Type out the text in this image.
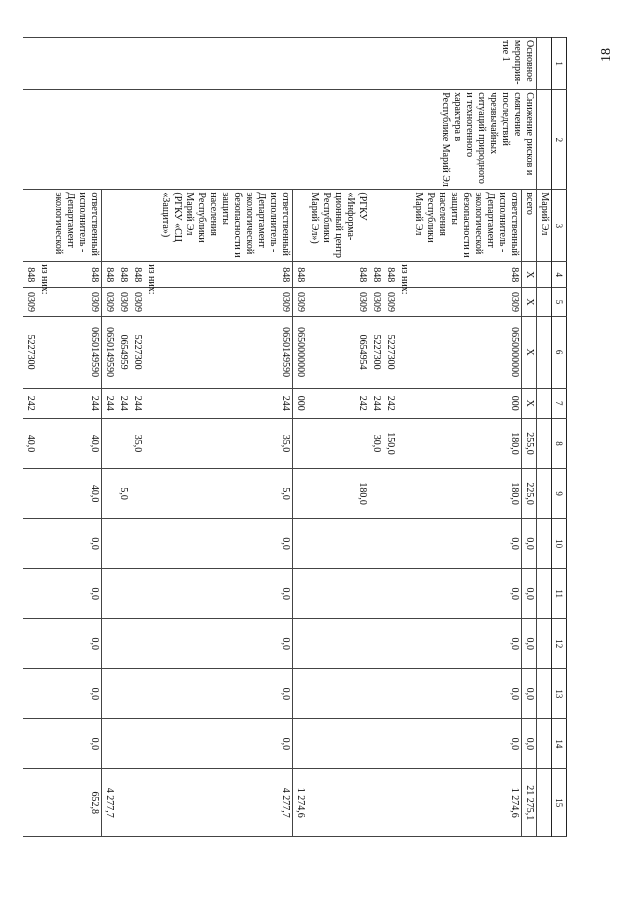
18
1	2	3	4	5	6	7	8	9	10	11	12	13	14	15
		Марий Эл												
Основное мероприя-тие 1	Снижение рисков и смягчение последствий чрезвычайных ситуаций природного и техногенного характера в Республике Марий Эл	всего	Х	Х	Х	Х	255,0	225,0	0,0	0,0	0,0	0,0	0,0	21 275,1
		ответственный исполнитель - Департамент экологической безопасности и защиты населения Республики Марий Эл	848	0309	0650000000	000	180,0	180,0	0,0	0,0	0,0	0,0	0,0	1 274,6
			из них:											
			848	0309	5227300	242	150,0							
			848	0309	5227300	244	30,0							
		(РГКУ «Информа-ционный центр Республики Марий Эл»)	848	0309	0654954	242		180,0						
			848	0309	0650000000	000								1 274,6
		ответственный исполнитель - Департамент экологической безопасности и защиты населения Республики Марий Эл (РГКУ «СЦ «Защита»)	848	0309	0650149590	244	35,0	5,0	0,0	0,0	0,0	0,0	0,0	4 277,7
			из них:											
			848	0309	5227300	244	35,0							
			848	0309	0654959	244		5,0						
			848	0309	0650149590	244								4 277,7
		ответственный исполнитель - Департамент экологической	848	0309	0650149590	244	40,0	40,0	0,0	0,0	0,0	0,0	0,0	652,8
			из них:											
			848	0309	5227300	242	40,0							
